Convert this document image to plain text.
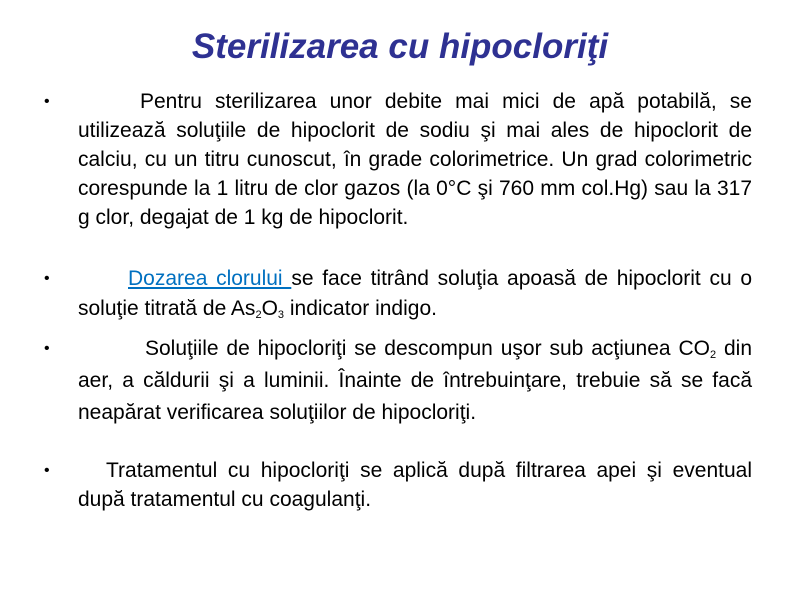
Sterilizarea cu hipocloriţi
•	Pentru sterilizarea unor debite mai mici de apă potabilă, se utilizează soluţiile de hipoclorit de sodiu şi mai ales de hipoclorit de calciu, cu un titru cunoscut, în grade colorimetrice. Un grad colorimetric corespunde la 1 litru de clor gazos (la 0°C şi 760 mm col.Hg) sau la 317 g clor, degajat de 1 kg de hipoclorit.
•	Dozarea clorului se face titrând soluţia apoasă de hipoclorit cu o soluţie titrată de $As_2O_3$ indicator indigo.
•	Soluţiile de hipocloriţi se descompun uşor sub acţiunea $CO_2$ din aer, a căldurii şi a luminii. Înainte de întrebuinţare, trebuie să se facă neapărat verificarea soluţiilor de hipocloriţi.
•	Tratamentul cu hipocloriţi se aplică după filtrarea apei şi eventual după tratamentul cu coagulanţi.
